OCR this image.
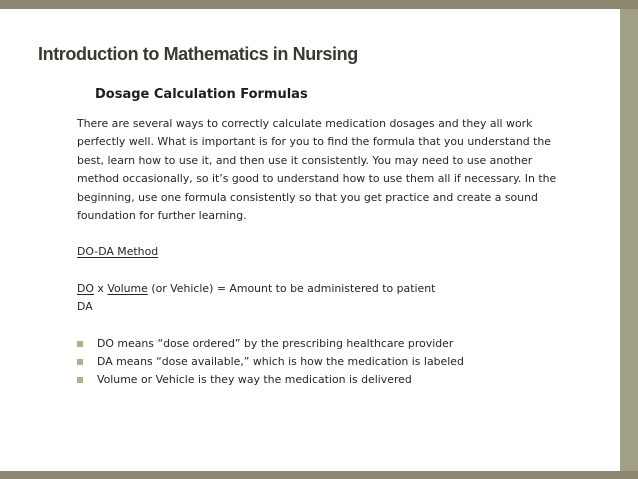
Introduction to Mathematics in Nursing
Dosage Calculation Formulas

There are several ways to correctly calculate medication dosages and they all work
perfectly well. What is important is for you to find the formula that you understand the
best, learn how to use it, and then use it consistently. You may need to use another
method occasionally, so it’s good to understand how to use them all if necessary. In the
beginning, use one formula consistently so that you get practice and create a sound
foundation for further learning.

DO-DA Method

DO x Volume (or Vehicle) = Amount to be administered to patient

DA

DO means “dose ordered” by the prescribing healthcare provider
DA means “dose available,” which is how the medication is labeled
Volume or Vehicle is they way the medication is delivered
